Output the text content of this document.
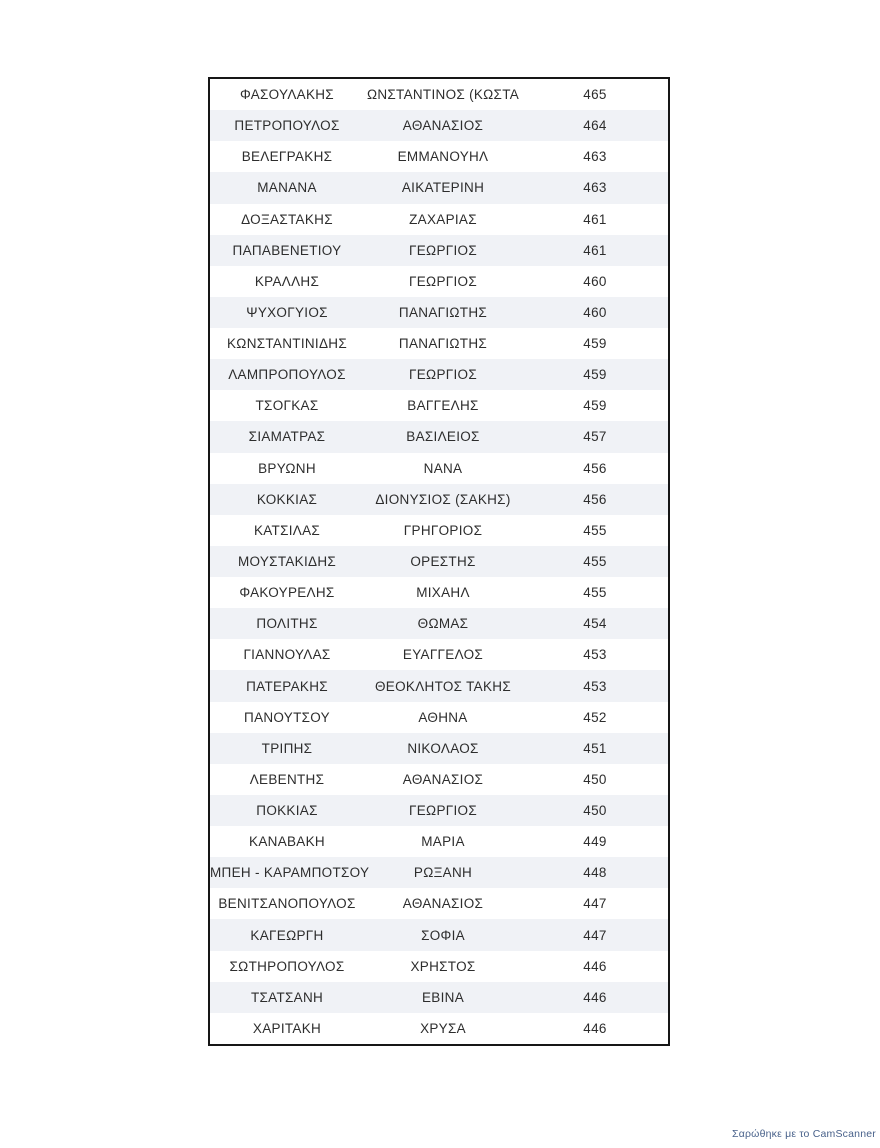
ΦΑΣΟΥΛΑΚΗΣ	ΩΝΣΤΑΝΤΙΝΟΣ (ΚΩΣΤΑ	465
ΠΕΤΡΟΠΟΥΛΟΣ	ΑΘΑΝΑΣΙΟΣ	464
ΒΕΛΕΓΡΑΚΗΣ	ΕΜΜΑΝΟΥΗΛ	463
ΜΑΝΑΝΑ	ΑΙΚΑΤΕΡΙΝΗ	463
ΔΟΞΑΣΤΑΚΗΣ	ΖΑΧΑΡΙΑΣ	461
ΠΑΠΑΒΕΝΕΤΙΟΥ	ΓΕΩΡΓΙΟΣ	461
ΚΡΑΛΛΗΣ	ΓΕΩΡΓΙΟΣ	460
ΨΥΧΟΓΥΙΟΣ	ΠΑΝΑΓΙΩΤΗΣ	460
ΚΩΝΣΤΑΝΤΙΝΙΔΗΣ	ΠΑΝΑΓΙΩΤΗΣ	459
ΛΑΜΠΡΟΠΟΥΛΟΣ	ΓΕΩΡΓΙΟΣ	459
ΤΣΟΓΚΑΣ	ΒΑΓΓΕΛΗΣ	459
ΣΙΑΜΑΤΡΑΣ	ΒΑΣΙΛΕΙΟΣ	457
ΒΡΥΩΝΗ	ΝΑΝΑ	456
ΚΟΚΚΙΑΣ	ΔΙΟΝΥΣΙΟΣ (ΣΑΚΗΣ)	456
ΚΑΤΣΙΛΑΣ	ΓΡΗΓΟΡΙΟΣ	455
ΜΟΥΣΤΑΚΙΔΗΣ	ΟΡΕΣΤΗΣ	455
ΦΑΚΟΥΡΕΛΗΣ	ΜΙΧΑΗΛ	455
ΠΟΛΙΤΗΣ	ΘΩΜΑΣ	454
ΓΙΑΝΝΟΥΛΑΣ	ΕΥΑΓΓΕΛΟΣ	453
ΠΑΤΕΡΑΚΗΣ	ΘΕΟΚΛΗΤΟΣ ΤΑΚΗΣ	453
ΠΑΝΟΥΤΣΟΥ	ΑΘΗΝΑ	452
ΤΡΙΠΗΣ	ΝΙΚΟΛΑΟΣ	451
ΛΕΒΕΝΤΗΣ	ΑΘΑΝΑΣΙΟΣ	450
ΠΟΚΚΙΑΣ	ΓΕΩΡΓΙΟΣ	450
ΚΑΝΑΒΑΚΗ	ΜΑΡΙΑ	449
ΜΠΕΗ - ΚΑΡΑΜΠΟΤΣΟΥ	ΡΩΞΑΝΗ	448
ΒΕΝΙΤΣΑΝΟΠΟΥΛΟΣ	ΑΘΑΝΑΣΙΟΣ	447
ΚΑΓΕΩΡΓΗ	ΣΟΦΙΑ	447
ΣΩΤΗΡΟΠΟΥΛΟΣ	ΧΡΗΣΤΟΣ	446
ΤΣΑΤΣΑΝΗ	ΕΒΙΝΑ	446
ΧΑΡΙΤΑΚΗ	ΧΡΥΣΑ	446
Σαρώθηκε με το CamScanner
